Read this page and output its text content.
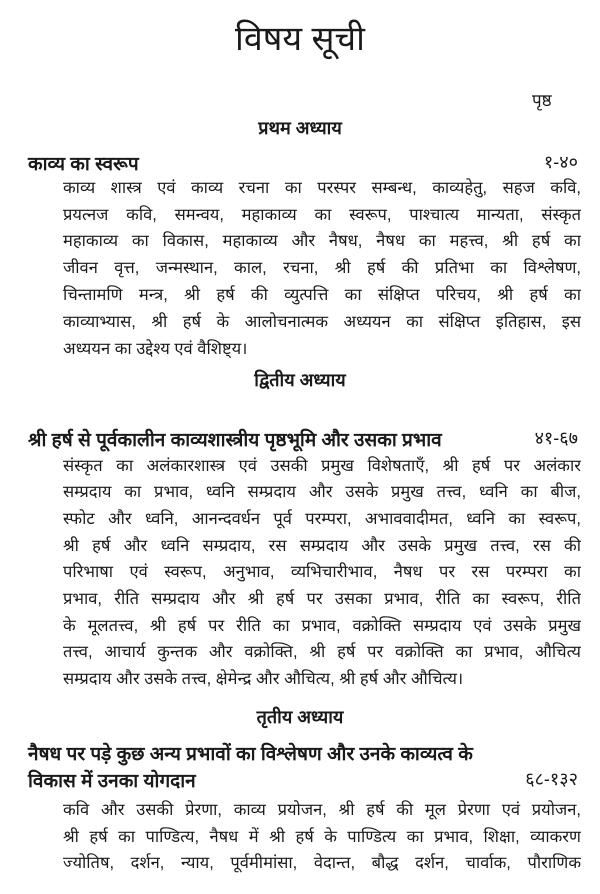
विषय सूची
पृष्ठ
प्रथम अध्याय
काव्य का स्वरूप	१-४०
काव्य शास्त्र एवं काव्य रचना का परस्पर सम्बन्ध, काव्यहेतु, सहज कवि,
प्रयत्नज कवि, समन्वय, महाकाव्य का स्वरूप, पाश्चात्य मान्यता, संस्कृत
महाकाव्य का विकास, महाकाव्य और नैषध, नैषध का महत्त्व, श्री हर्ष का
जीवन वृत्त, जन्मस्थान, काल, रचना, श्री हर्ष की प्रतिभा का विश्लेषण,
चिन्तामणि मन्त्र, श्री हर्ष की व्युत्पत्ति का संक्षिप्त परिचय, श्री हर्ष का
काव्याभ्यास, श्री हर्ष के आलोचनात्मक अध्ययन का संक्षिप्त इतिहास, इस
अध्ययन का उद्देश्य एवं वैशिष्ट्य।
द्वितीय अध्याय
श्री हर्ष से पूर्वकालीन काव्यशास्त्रीय पृष्ठभूमि और उसका प्रभाव	४१-६७
संस्कृत का अलंकारशास्त्र एवं उसकी प्रमुख विशेषताएँ, श्री हर्ष पर अलंकार
सम्प्रदाय का प्रभाव, ध्वनि सम्प्रदाय और उसके प्रमुख तत्त्व, ध्वनि का बीज,
स्फोट और ध्वनि, आनन्दवर्धन पूर्व परम्परा, अभाववादीमत, ध्वनि का स्वरूप,
श्री हर्ष और ध्वनि सम्प्रदाय, रस सम्प्रदाय और उसके प्रमुख तत्त्व, रस की
परिभाषा एवं स्वरूप, अनुभाव, व्यभिचारीभाव, नैषध पर रस परम्परा का
प्रभाव, रीति सम्प्रदाय और श्री हर्ष पर उसका प्रभाव, रीति का स्वरूप, रीति
के मूलतत्त्व, श्री हर्ष पर रीति का प्रभाव, वक्रोक्ति सम्प्रदाय एवं उसके प्रमुख
तत्त्व, आचार्य कुन्तक और वक्रोक्ति, श्री हर्ष पर वक्रोक्ति का प्रभाव, औचित्य
सम्प्रदाय और उसके तत्त्व, क्षेमेन्द्र और औचित्य, श्री हर्ष और औचित्य।
तृतीय अध्याय
नैषध पर पड़े कुछ अन्य प्रभावों का विश्लेषण और उनके काव्यत्व के
विकास में उनका योगदान	६८-१३२
कवि और उसकी प्रेरणा, काव्य प्रयोजन, श्री हर्ष की मूल प्रेरणा एवं प्रयोजन,
श्री हर्ष का पाण्डित्य, नैषध में श्री हर्ष के पाण्डित्य का प्रभाव, शिक्षा, व्याकरण
ज्योतिष, दर्शन, न्याय, पूर्वमीमांसा, वेदान्त, बौद्ध दर्शन, चार्वाक, पौराणिक
